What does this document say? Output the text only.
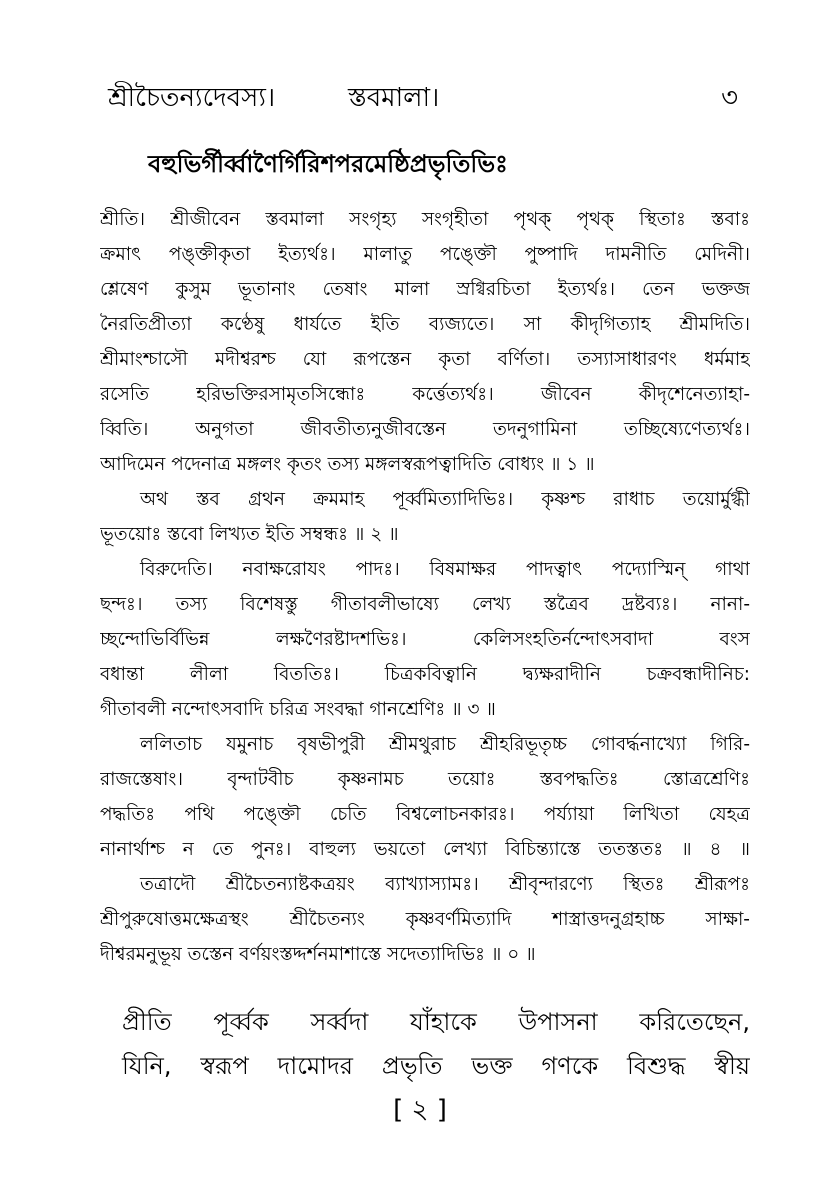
শ্রীচৈতন্যদেবস্য।	স্তবমালা।	৩
বহুভির্গীর্ব্বাণৈর্গিরিশপরমেষ্ঠিপ্রভৃতিভিঃ
শ্রীতি। শ্রীজীবেন স্তবমালা সংগৃহ্য সংগৃহীতা পৃথক্ পৃথক্ স্থিতাঃ স্তবাঃ
ক্রমাৎ পঙ্ক্তীকৃতা ইত্যর্থঃ। মালাতু পঙ্ক্তৌ পুষ্পাদি দামনীতি মেদিনী।
শ্লেষেণ কুসুম ভূতানাং তেষাং মালা স্রগ্বিরচিতা ইত্যর্থঃ। তেন ভক্তজ
নৈরতিপ্রীত্যা কণ্ঠেষু ধার্যতে ইতি ব্যজ্যতে। সা কীদৃগিত্যাহ শ্রীমদিতি।
শ্রীমাংশ্চাসৌ মদীশ্বরশ্চ যো রূপস্তেন কৃতা বর্ণিতা। তস্যাসাধারণং ধর্মমাহ
রসেতি হরিভক্তিরসামৃতসিন্ধোঃ কর্ত্তেত্যর্থঃ। জীবেন কীদৃশেনেত্যাহা-
ব্বিতি। অনুগতা জীবতীত্যনুজীবস্তেন তদনুগামিনা তচ্ছিষ্যেণেত্যর্থঃ।
আদিমেন পদেনাত্র মঙ্গলং কৃতং তস্য মঙ্গলস্বরূপত্বাদিতি বোধ্যং ॥ ১ ॥
অথ স্তব গ্রথন ক্রমমাহ পূর্ব্বমিত্যাদিভিঃ। কৃষ্ণশ্চ রাধাচ তয়োর্মুগ্ধী
ভূতয়োঃ স্তবো লিখ্যত ইতি সম্বন্ধঃ ॥ ২ ॥
বিরুদেতি। নবাক্ষরোযং পাদঃ। বিষমাক্ষর পাদত্বাৎ পদ্যোস্মিন্ গাথা
ছন্দঃ। তস্য বিশেষস্তু গীতাবলীভাষ্যে লেখ্য স্তত্রৈব দ্রষ্টব্যঃ। নানা-
চ্ছন্দোভির্বিভিন্ন লক্ষণৈরষ্টাদশভিঃ। কেলিসংহতির্নন্দোৎসবাদা বংস
বধান্তা লীলা বিততিঃ। চিত্রকবিত্বানি দ্ব্যক্ষরাদীনি চক্রবন্ধাদীনিচ:
গীতাবলী নন্দোৎসবাদি চরিত্র সংবদ্ধা গানশ্রেণিঃ ॥ ৩ ॥
ললিতাচ যমুনাচ বৃষভীপুরী শ্রীমথুরাচ শ্রীহরিভূতৃচ্চ গোবর্দ্ধনাখ্যো গিরি-
রাজস্তেষাং। বৃন্দাটবীচ কৃষ্ণনামচ তয়োঃ স্তবপদ্ধতিঃ স্তোত্রশ্রেণিঃ
পদ্ধতিঃ পথি পঙ্ক্তৌ চেতি বিশ্বলোচনকারঃ। পর্য্যায়া লিখিতা যেহত্র
নানার্থাশ্চ ন তে পুনঃ। বাহুল্য ভয়তো লেখ্যা বিচিন্ত্যাস্তে ততস্ততঃ ॥ ৪ ॥
তত্রাদৌ শ্রীচৈতন্যাষ্টকত্রয়ং ব্যাখ্যাস্যামঃ। শ্রীবৃন্দারণ্যে স্থিতঃ শ্রীরূপঃ
শ্রীপুরুষোত্তমক্ষেত্রস্থং শ্রীচৈতন্যং কৃষ্ণবর্ণমিত্যাদি শাস্ত্রাত্তদনুগ্রহাচ্চ সাক্ষা-
দীশ্বরমনুভূয় তস্তেন বর্ণয়ংস্তদ্দর্শনমাশাস্তে সদেত্যাদিভিঃ ॥ ০ ॥
প্রীতি পূর্ব্বক সর্ব্বদা যাঁহাকে উপাসনা করিতেছেন,
যিনি, স্বরূপ দামোদর প্রভৃতি ভক্ত গণকে বিশুদ্ধ স্বীয়
[ ২ ]
